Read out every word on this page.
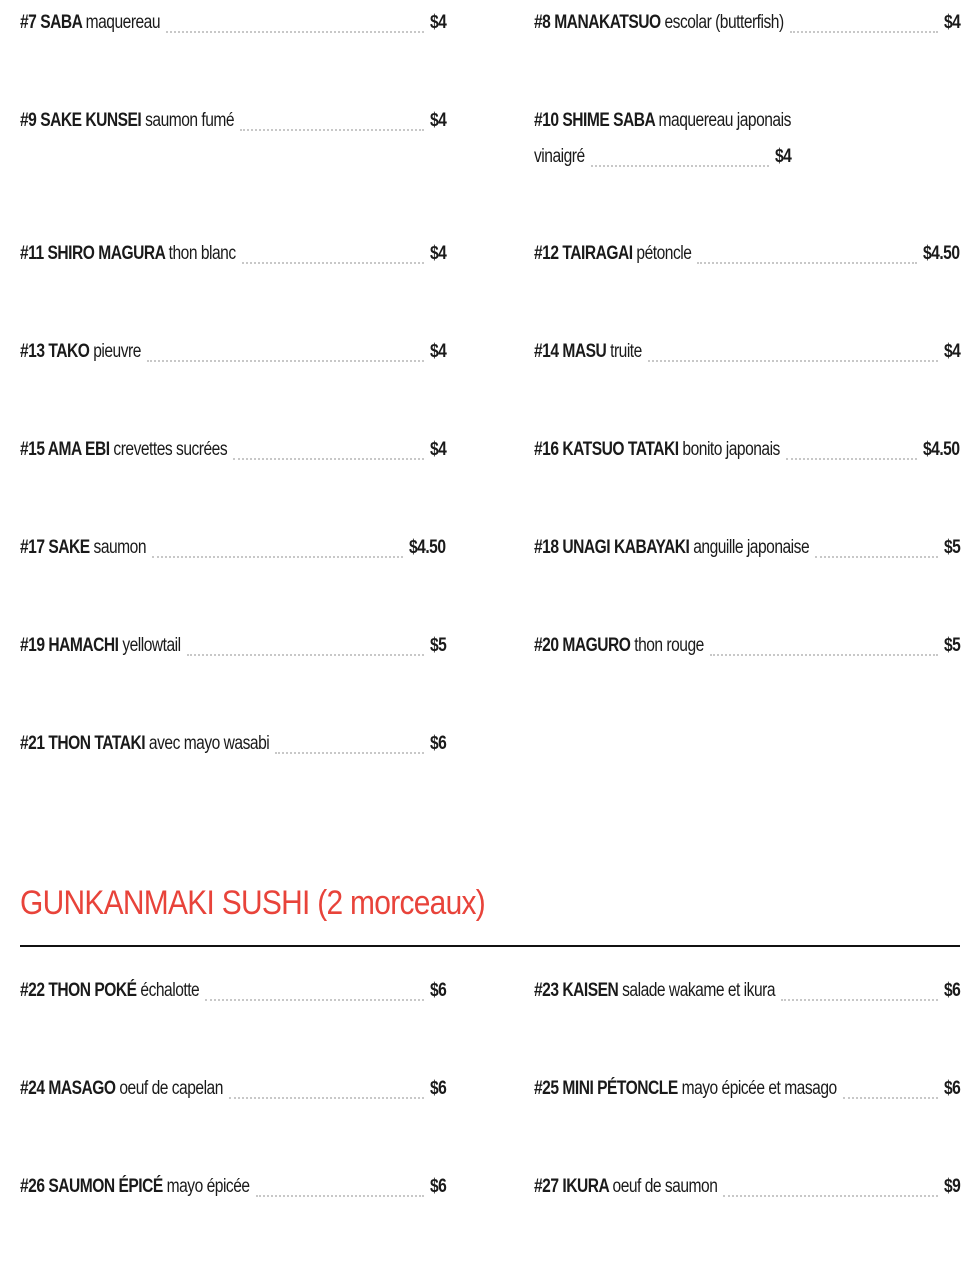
#7 SABA maquereau	$4	#8 MANAKATSUO escolar (butterfish)	$4
#9 SAKE KUNSEI saumon fumé	$4	#10 SHIME SABA maquereau japonais
vinaigré	$4
#11 SHIRO MAGURA thon blanc	$4	#12 TAIRAGAI pétoncle	$4.50
#13 TAKO pieuvre	$4	#14 MASU truite	$4
#15 AMA EBI crevettes sucrées	$4	#16 KATSUO TATAKI bonito japonais	$4.50
#17 SAKE saumon	$4.50	#18 UNAGI KABAYAKI anguille japonaise	$5
#19 HAMACHI yellowtail	$5	#20 MAGURO thon rouge	$5
#21 THON TATAKI avec mayo wasabi	$6
GUNKANMAKI SUSHI (2 morceaux)
#22 THON POKÉ échalotte	$6	#23 KAISEN salade wakame et ikura	$6
#24 MASAGO oeuf de capelan	$6	#25 MINI PÉTONCLE mayo épicée et masago	$6
#26 SAUMON ÉPICÉ mayo épicée	$6	#27 IKURA oeuf de saumon	$9
